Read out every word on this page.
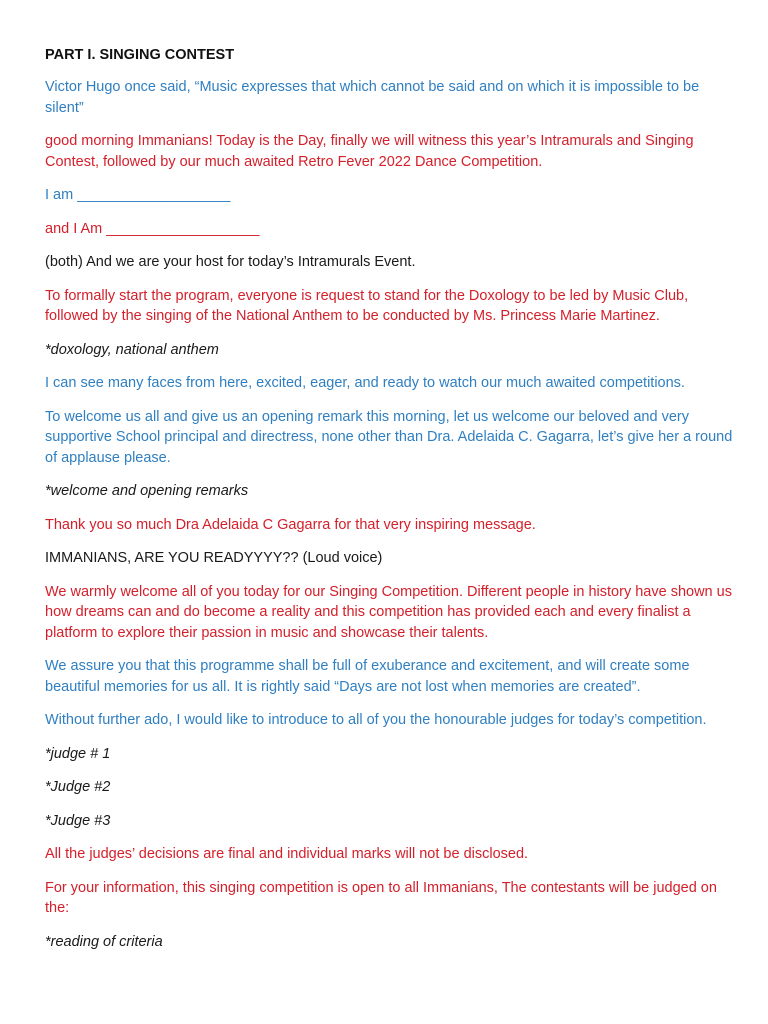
PART I. SINGING CONTEST

Victor Hugo once said, “Music expresses that which cannot be said and on which it is impossible to be silent”

good morning Immanians! Today is the Day, finally we will witness this year’s Intramurals and Singing Contest, followed by our much awaited Retro Fever 2022 Dance Competition.

I am ___________________

and I Am ___________________

(both) And we are your host for today’s Intramurals Event.

To formally start the program, everyone is request to stand for the Doxology to be led by Music Club, followed by the singing of the National Anthem to be conducted by Ms. Princess Marie Martinez.

*doxology, national anthem

I can see many faces from here, excited, eager, and ready to watch our much awaited competitions.

To welcome us all and give us an opening remark this morning, let us welcome our beloved and very supportive School principal and directress, none other than Dra. Adelaida C. Gagarra, let’s give her a round of applause please.

*welcome and opening remarks

Thank you so much Dra Adelaida C Gagarra for that very inspiring message.

IMMANIANS, ARE YOU READYYYY?? (Loud voice)

We warmly welcome all of you today for our Singing Competition. Different people in history have shown us how dreams can and do become a reality and this competition has provided each and every finalist a platform to explore their passion in music and showcase their talents.

We assure you that this programme shall be full of exuberance and excitement, and will create some beautiful memories for us all. It is rightly said “Days are not lost when memories are created”.

Without further ado, I would like to introduce to all of you the honourable judges for today’s competition.

*judge # 1

*Judge #2

*Judge #3

All the judges’ decisions are final and individual marks will not be disclosed.

For your information, this singing competition is open to all Immanians, The contestants will be judged on the:

*reading of criteria
